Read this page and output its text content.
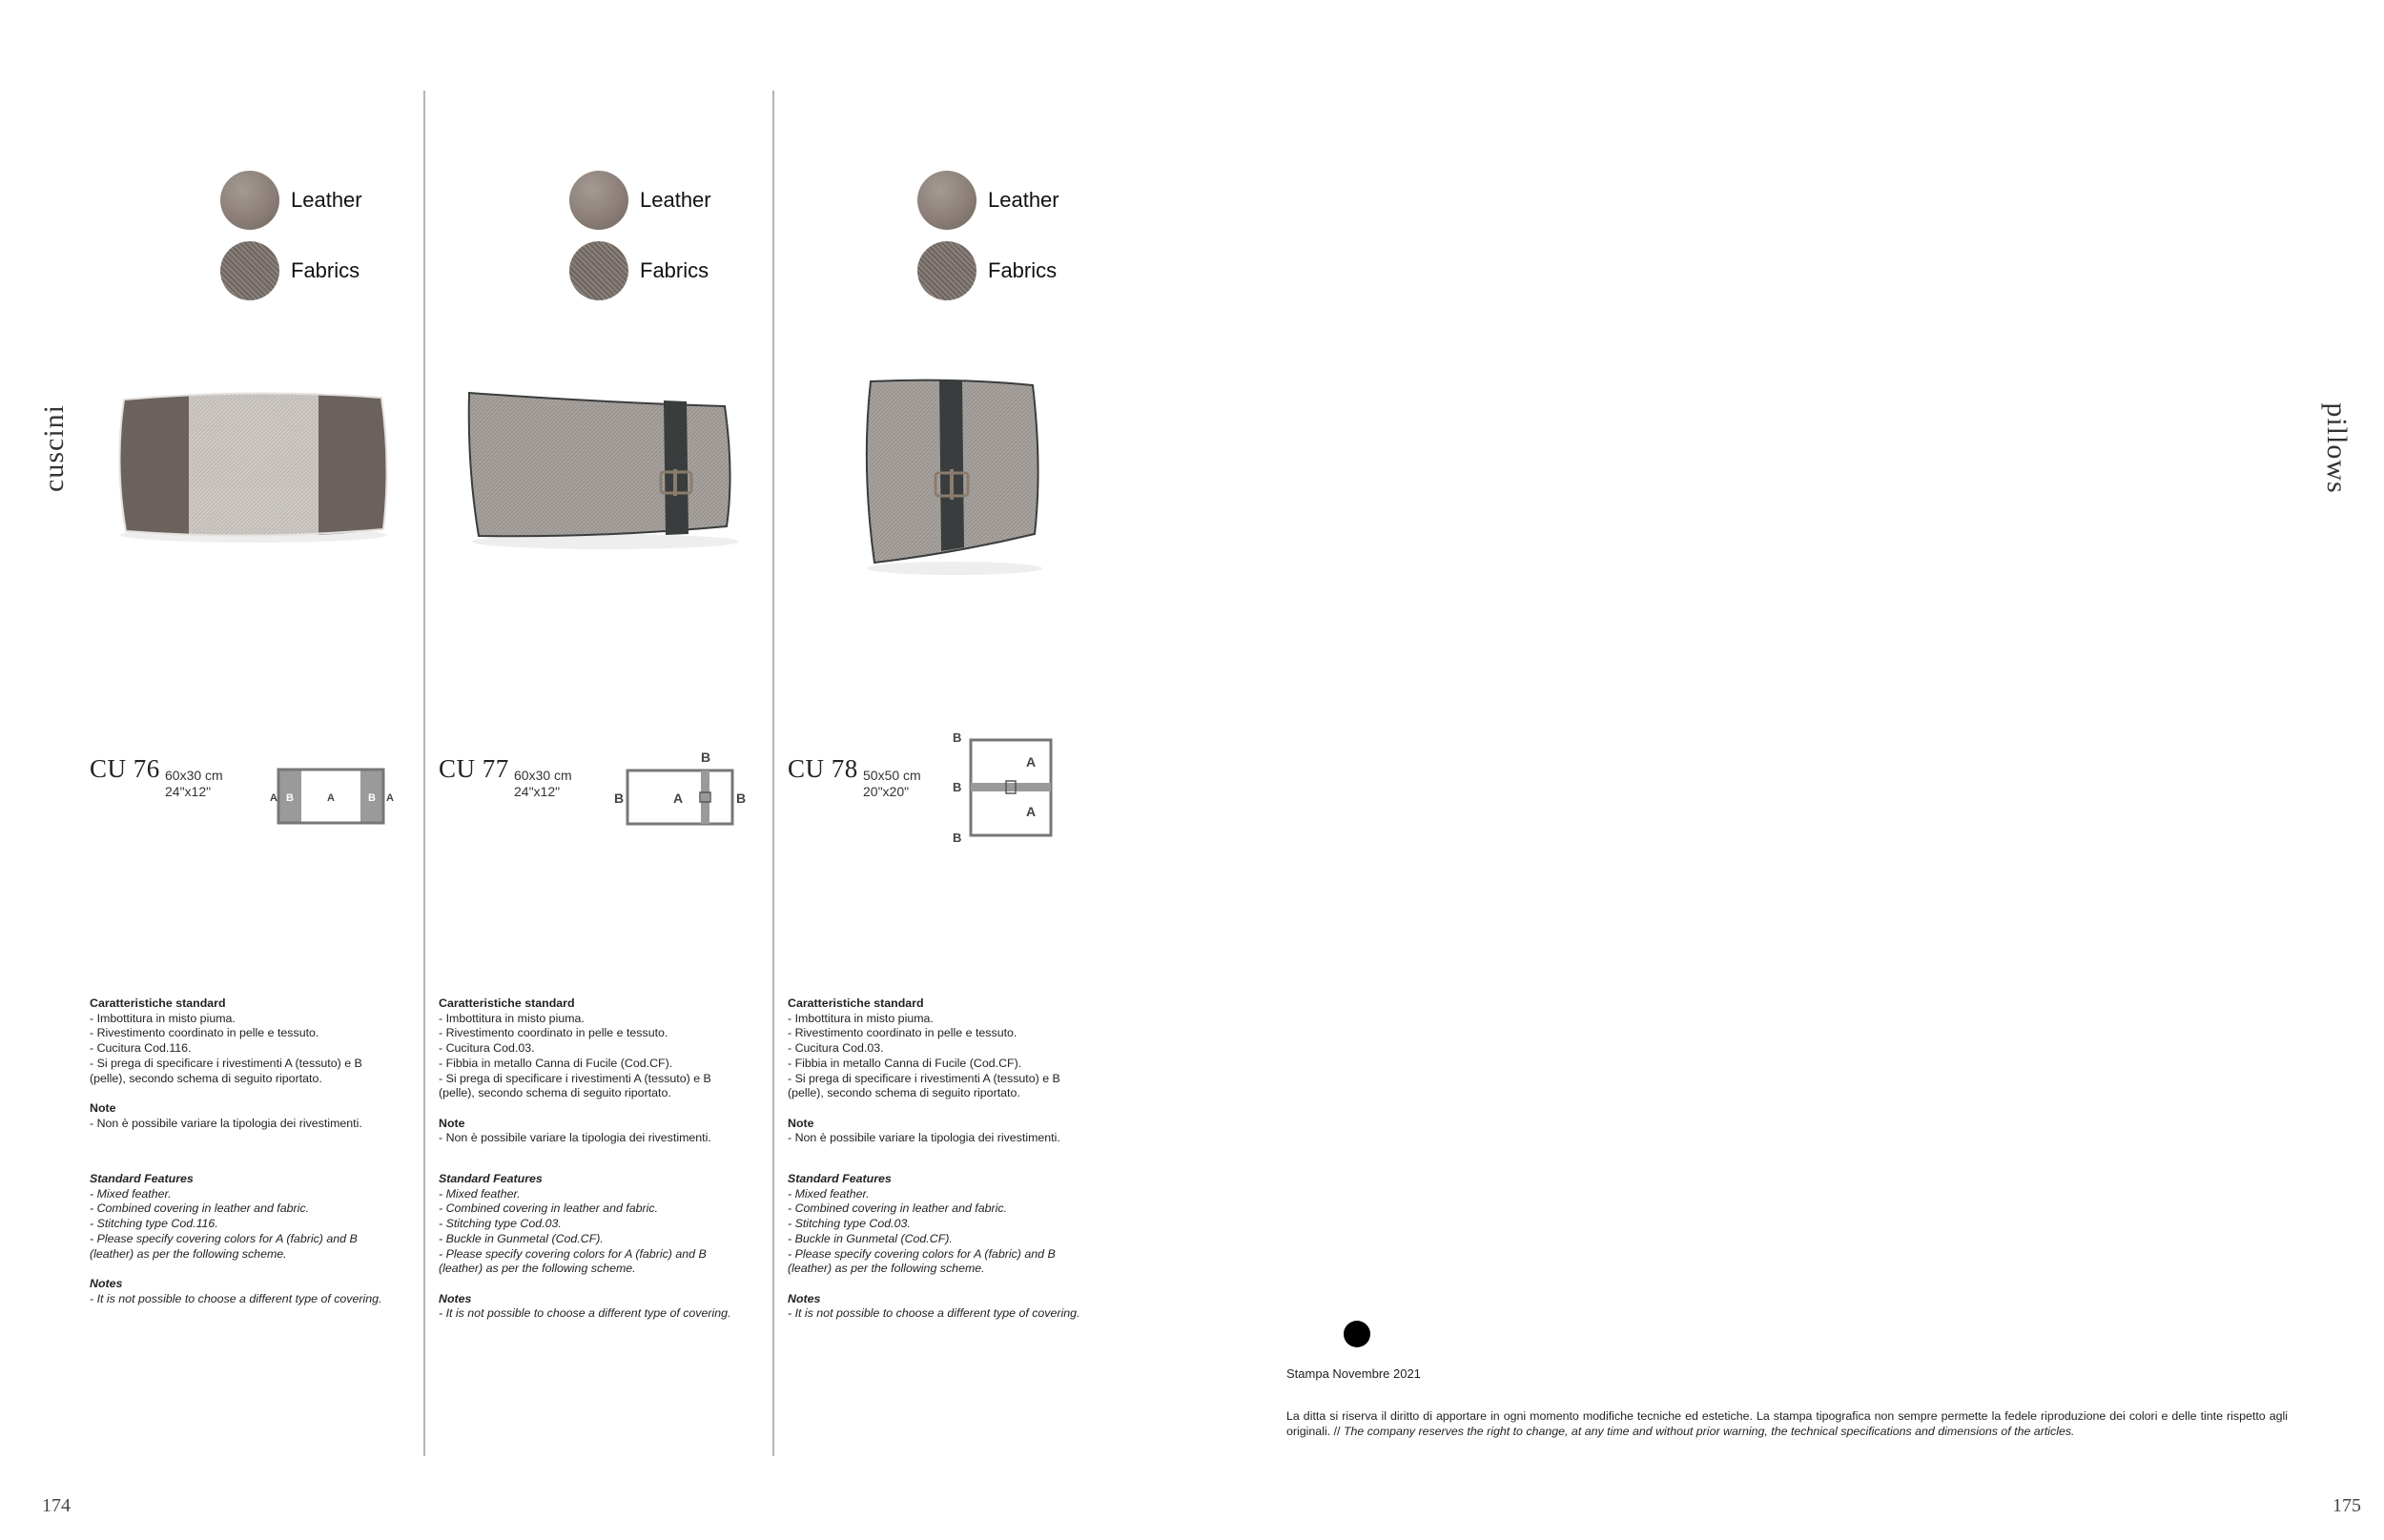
cuscini	pillows
174	175
Leather
Fabrics
CU 76 60x30 cm
24"x12"	A B	A	B A
Caratteristiche standard
- Imbottitura in misto piuma.
- Rivestimento coordinato in pelle e tessuto.
- Cucitura Cod.116.
- Si prega di specificare i rivestimenti A (tessuto) e B
(pelle), secondo schema di seguito riportato.
Note
- Non è possibile variare la tipologia dei rivestimenti.
Standard Features
- Mixed feather.
- Combined covering in leather and fabric.
- Stitching type Cod.116.
- Please specify covering colors for A (fabric) and B
(leather) as per the following scheme.
Notes
- It is not possible to choose a different type of covering.
Leather
Fabrics
CU 77 60x30 cm
24"x12"
B
B	A	B
Caratteristiche standard
- Imbottitura in misto piuma.
- Rivestimento coordinato in pelle e tessuto.
- Cucitura Cod.03.
- Fibbia in metallo Canna di Fucile (Cod.CF).
- Si prega di specificare i rivestimenti A (tessuto) e B
(pelle), secondo schema di seguito riportato.
Note
- Non è possibile variare la tipologia dei rivestimenti.
Standard Features
- Mixed feather.
- Combined covering in leather and fabric.
- Stitching type Cod.03.
- Buckle in Gunmetal (Cod.CF).
- Please specify covering colors for A (fabric) and B
(leather) as per the following scheme.
Notes
- It is not possible to choose a different type of covering.
Leather
Fabrics
CU 78 50x50 cm
20"x20"
B
A
B
A
B
Caratteristiche standard
- Imbottitura in misto piuma.
- Rivestimento coordinato in pelle e tessuto.
- Cucitura Cod.03.
- Fibbia in metallo Canna di Fucile (Cod.CF).
- Si prega di specificare i rivestimenti A (tessuto) e B
(pelle), secondo schema di seguito riportato.
Note
- Non è possibile variare la tipologia dei rivestimenti.
Standard Features
- Mixed feather.
- Combined covering in leather and fabric.
- Stitching type Cod.03.
- Buckle in Gunmetal (Cod.CF).
- Please specify covering colors for A (fabric) and B
(leather) as per the following scheme.
Notes
- It is not possible to choose a different type of covering.
Stampa Novembre 2021
La ditta si riserva il diritto di apportare in ogni momento modifiche tecniche ed estetiche. La stampa tipografica non sempre permette la fedele riproduzione dei colori e delle tinte rispetto agli originali. // The company reserves the right to change, at any time and without prior warning, the technical specifications and dimensions of the articles.
